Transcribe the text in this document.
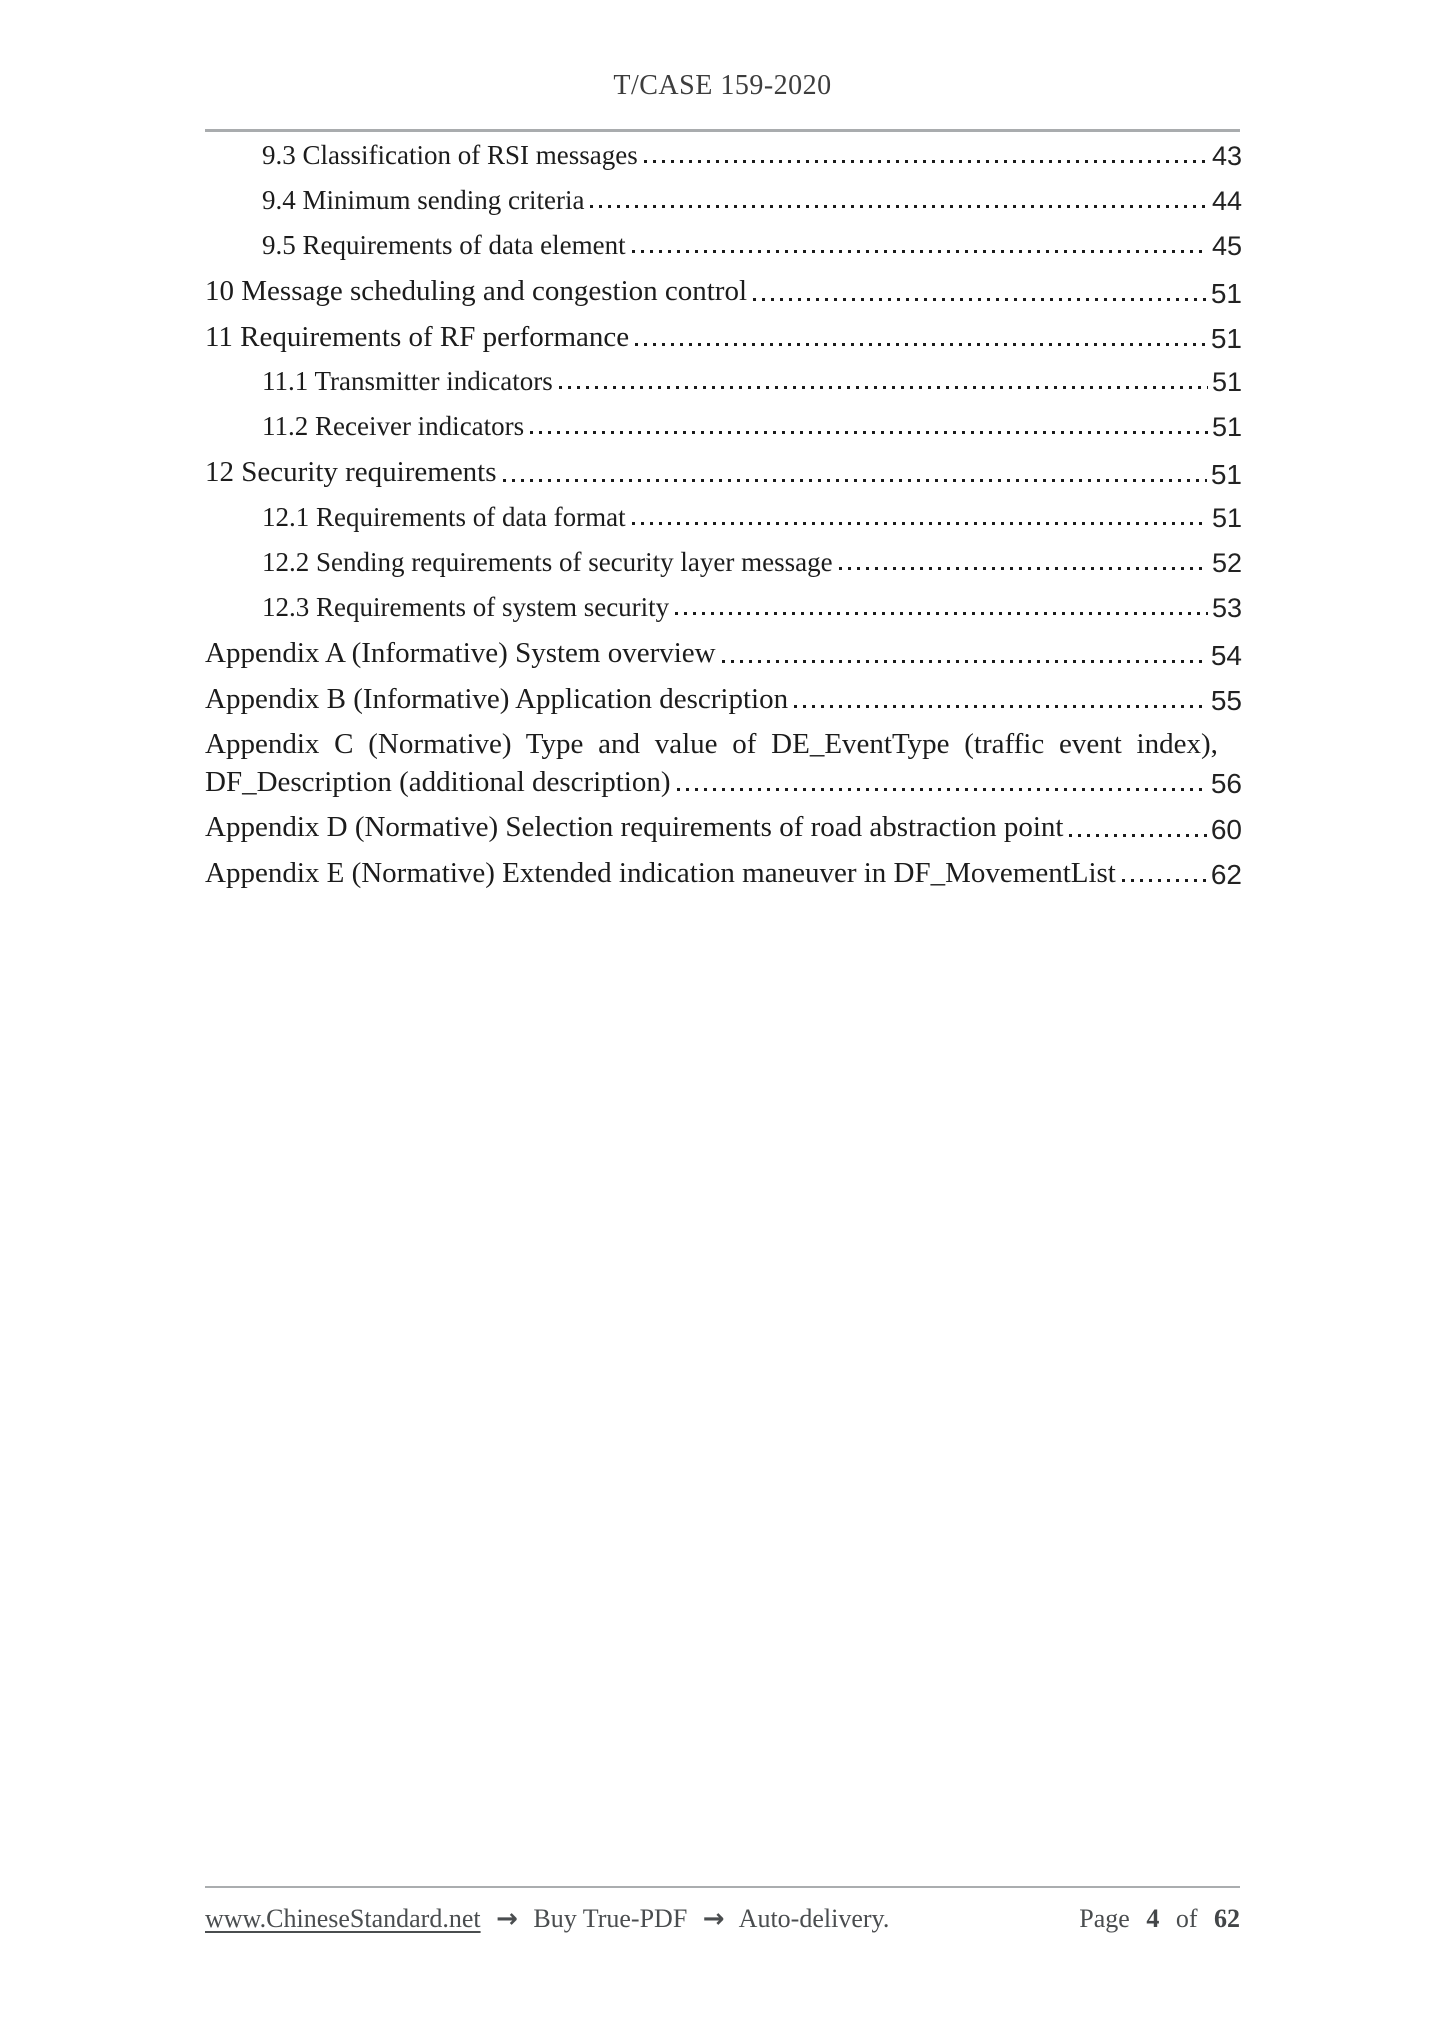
T/CASE 159-2020
9.3 Classification of RSI messages	43
9.4 Minimum sending criteria	44
9.5 Requirements of data element	45
10 Message scheduling and congestion control	51
11 Requirements of RF performance	51
11.1 Transmitter indicators	51
11.2 Receiver indicators	51
12 Security requirements	51
12.1 Requirements of data format	51
12.2 Sending requirements of security layer message	52
12.3 Requirements of system security	53
Appendix A (Informative) System overview	54
Appendix B (Informative) Application description	55
Appendix C (Normative) Type and value of DE_EventType (traffic event index),
DF_Description (additional description)	56
Appendix D (Normative) Selection requirements of road abstraction point	60
Appendix E (Normative) Extended indication maneuver in DF_MovementList	62
www.ChineseStandard.net → Buy True-PDF → Auto-delivery.	Page 4 of 62
